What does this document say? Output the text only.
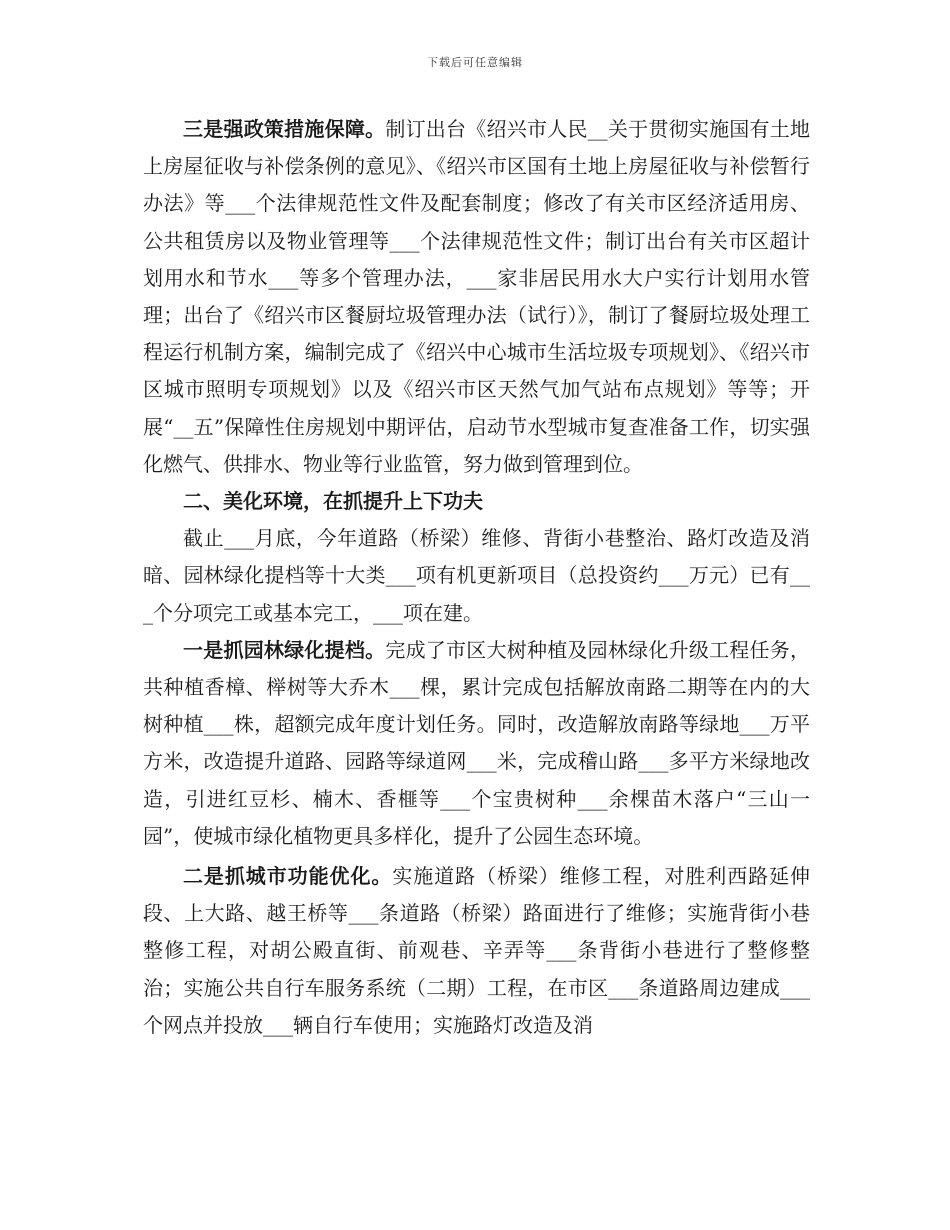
下载后可任意编辑

三是强政策措施保障。制订出台《绍兴市人民__关于贯彻实施国有土地上房屋征收与补偿条例的意见》、《绍兴市区国有土地上房屋征收与补偿暂行办法》等___个法律规范性文件及配套制度；修改了有关市区经济适用房、公共租赁房以及物业管理等___个法律规范性文件；制订出台有关市区超计划用水和节水___等多个管理办法，___家非居民用水大户实行计划用水管理；出台了《绍兴市区餐厨垃圾管理办法（试行）》，制订了餐厨垃圾处理工程运行机制方案，编制完成了《绍兴中心城市生活垃圾专项规划》、《绍兴市区城市照明专项规划》以及《绍兴市区天然气加气站布点规划》等等；开展“__五”保障性住房规划中期评估，启动节水型城市复查准备工作，切实强化燃气、供排水、物业等行业监管，努力做到管理到位。

二、美化环境，在抓提升上下功夫

截止___月底，今年道路（桥梁）维修、背街小巷整治、路灯改造及消暗、园林绿化提档等十大类___项有机更新项目（总投资约___万元）已有___个分项完工或基本完工，___项在建。

一是抓园林绿化提档。完成了市区大树种植及园林绿化升级工程任务，共种植香樟、榉树等大乔木___棵，累计完成包括解放南路二期等在内的大树种植___株，超额完成年度计划任务。同时，改造解放南路等绿地___万平方米，改造提升道路、园路等绿道网___米，完成稽山路___多平方米绿地改造，引进红豆杉、楠木、香榧等___个宝贵树种___余棵苗木落户“三山一园”，使城市绿化植物更具多样化，提升了公园生态环境。

二是抓城市功能优化。实施道路（桥梁）维修工程，对胜利西路延伸段、上大路、越王桥等___条道路（桥梁）路面进行了维修；实施背街小巷整修工程，对胡公殿直街、前观巷、辛弄等___条背街小巷进行了整修整治；实施公共自行车服务系统（二期）工程，在市区___条道路周边建成___个网点并投放___辆自行车使用；实施路灯改造及消
